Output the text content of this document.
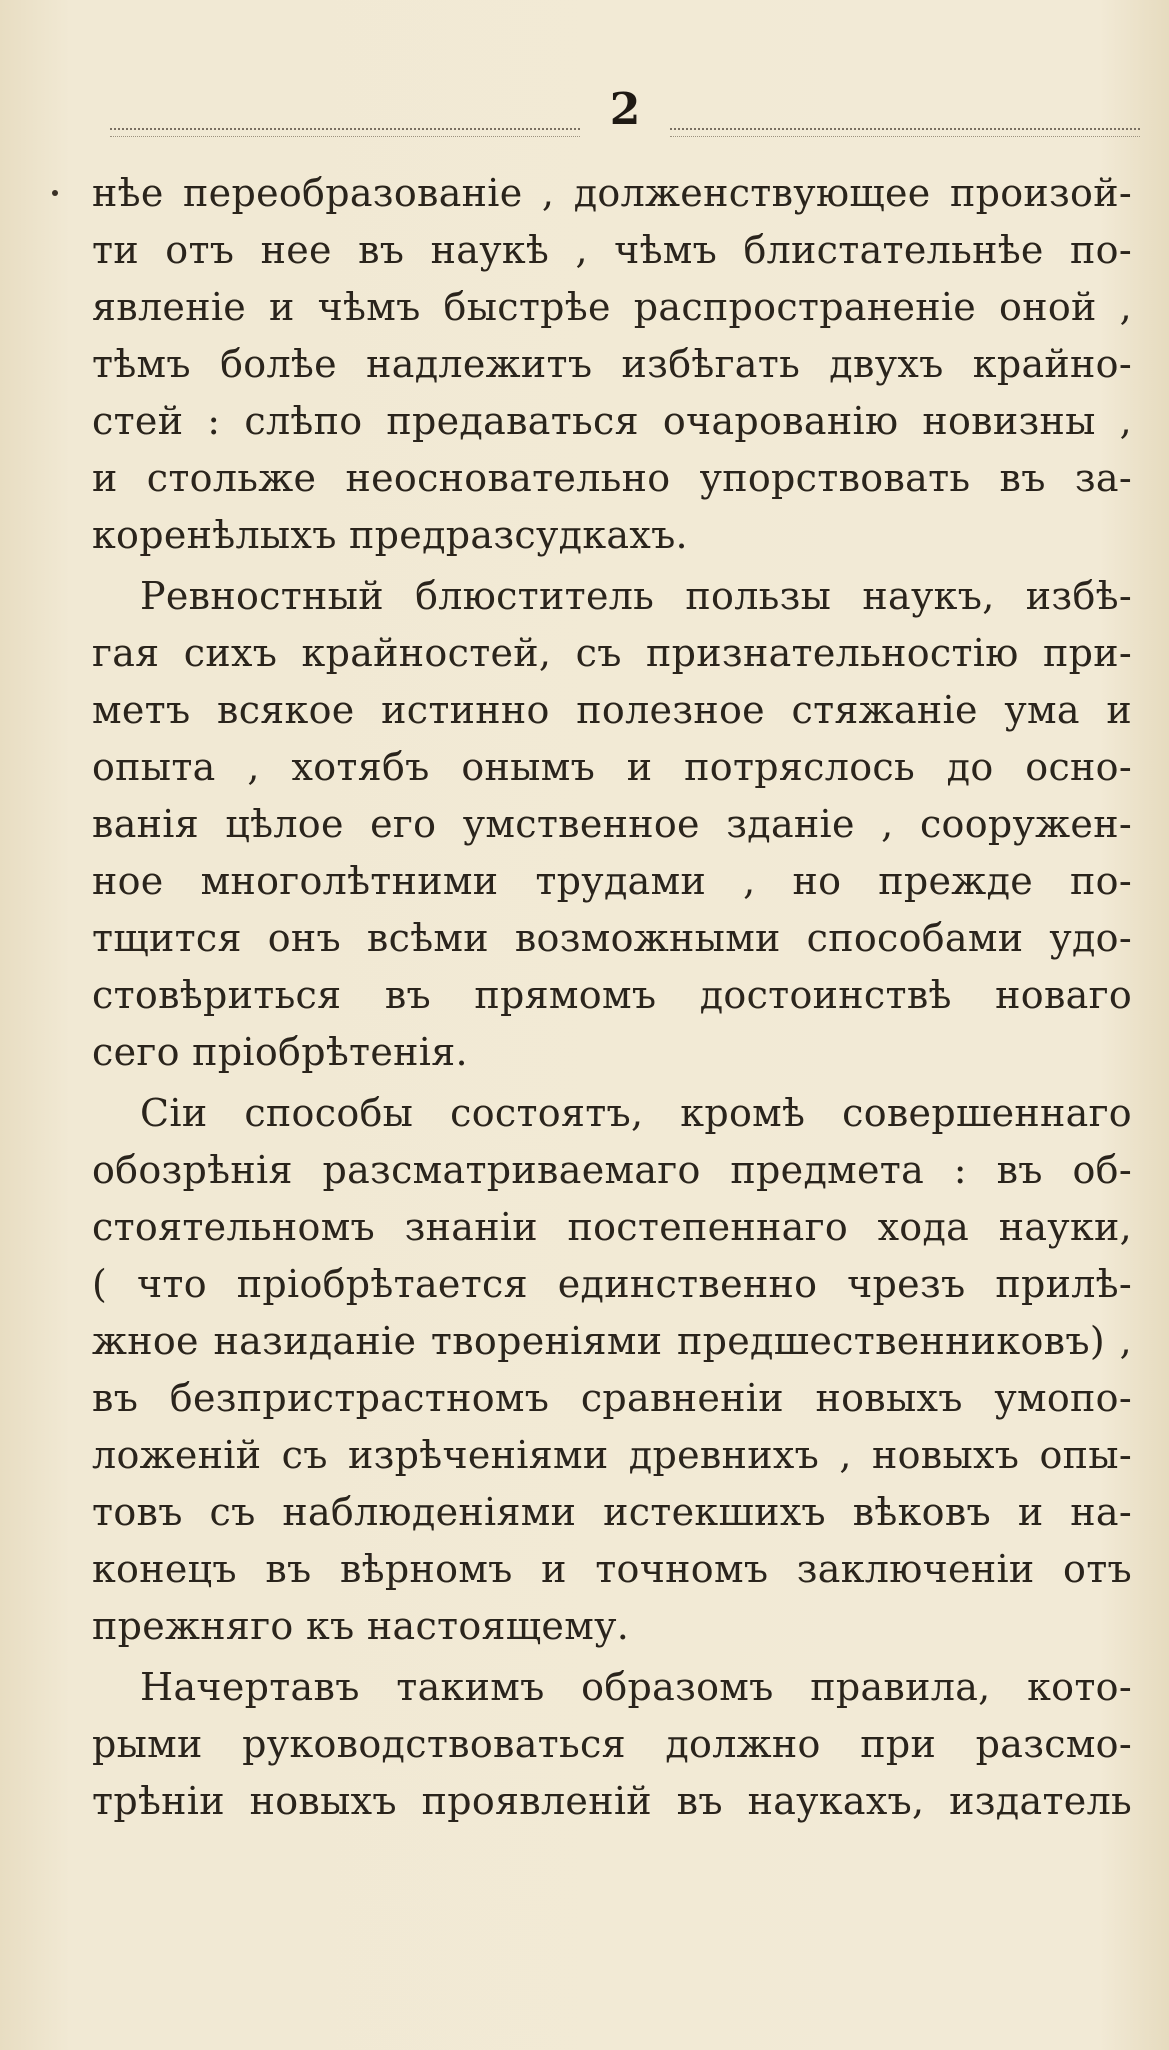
2
нѣе переобразованіе , долженствующее произой-
ти отъ нее въ наукѣ , чѣмъ блистательнѣе по-
явленіе и чѣмъ быстрѣе распространеніе оной ,
тѣмъ болѣе надлежитъ избѣгать двухъ крайно-
стей : слѣпо предаваться очарованію новизны ,
и стольже неосновательно упорствовать въ за-
коренѣлыхъ предразсудкахъ.
Ревностный блюститель пользы наукъ, избѣ-
гая сихъ крайностей, съ признательностію при-
метъ всякое истинно полезное стяжаніе ума и
опыта , хотябъ онымъ и потряслось до осно-
ванія цѣлое его умственное зданіе , сооружен-
ное многолѣтними трудами , но прежде по-
тщится онъ всѣми возможными способами удо-
стовѣриться въ прямомъ достоинствѣ новаго
сего пріобрѣтенія.
Сіи способы состоятъ, кромѣ совершеннаго
обозрѣнія разсматриваемаго предмета : въ об-
стоятельномъ знаніи постепеннаго хода науки,
( что пріобрѣтается единственно чрезъ прилѣ-
жное назиданіе твореніями предшественниковъ) ,
въ безпристрастномъ сравненіи новыхъ умопо-
ложеній съ изрѣченіями древнихъ , новыхъ опы-
товъ съ наблюденіями истекшихъ вѣковъ и на-
конецъ въ вѣрномъ и точномъ заключеніи отъ
прежняго къ настоящему.
Начертавъ такимъ образомъ правила, кото-
рыми руководствоваться должно при разсмо-
трѣніи новыхъ проявленій въ наукахъ, издатель
